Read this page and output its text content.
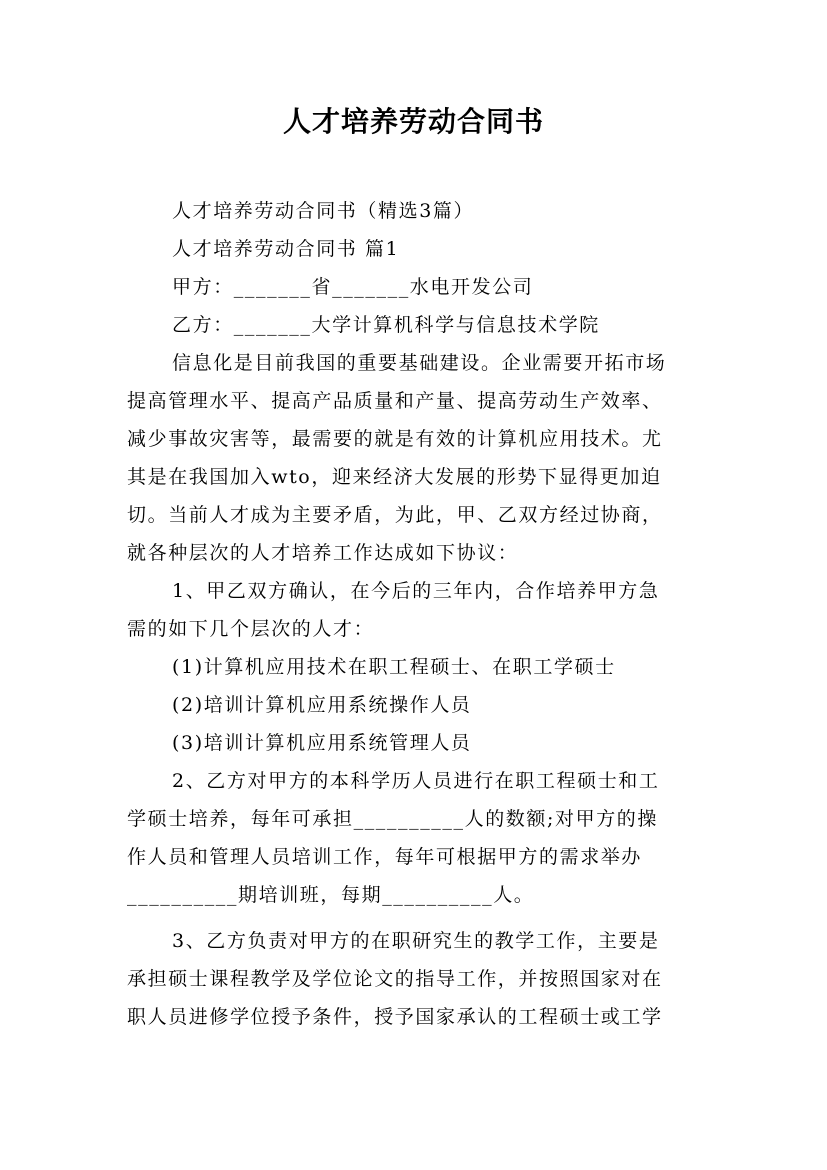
人才培养劳动合同书
人才培养劳动合同书（精选3篇）
人才培养劳动合同书 篇1
甲方：_______省_______水电开发公司
乙方：_______大学计算机科学与信息技术学院
信息化是目前我国的重要基础建设。企业需要开拓市场
提高管理水平、提高产品质量和产量、提高劳动生产效率、
减少事故灾害等，最需要的就是有效的计算机应用技术。尤
其是在我国加入wto，迎来经济大发展的形势下显得更加迫
切。当前人才成为主要矛盾，为此，甲、乙双方经过协商，
就各种层次的人才培养工作达成如下协议：
1、甲乙双方确认，在今后的三年内，合作培养甲方急
需的如下几个层次的人才：
(1)计算机应用技术在职工程硕士、在职工学硕士
(2)培训计算机应用系统操作人员
(3)培训计算机应用系统管理人员
2、乙方对甲方的本科学历人员进行在职工程硕士和工
学硕士培养，每年可承担__________人的数额;对甲方的操
作人员和管理人员培训工作，每年可根据甲方的需求举办
__________期培训班，每期__________人。
3、乙方负责对甲方的在职研究生的教学工作，主要是
承担硕士课程教学及学位论文的指导工作，并按照国家对在
职人员进修学位授予条件，授予国家承认的工程硕士或工学
